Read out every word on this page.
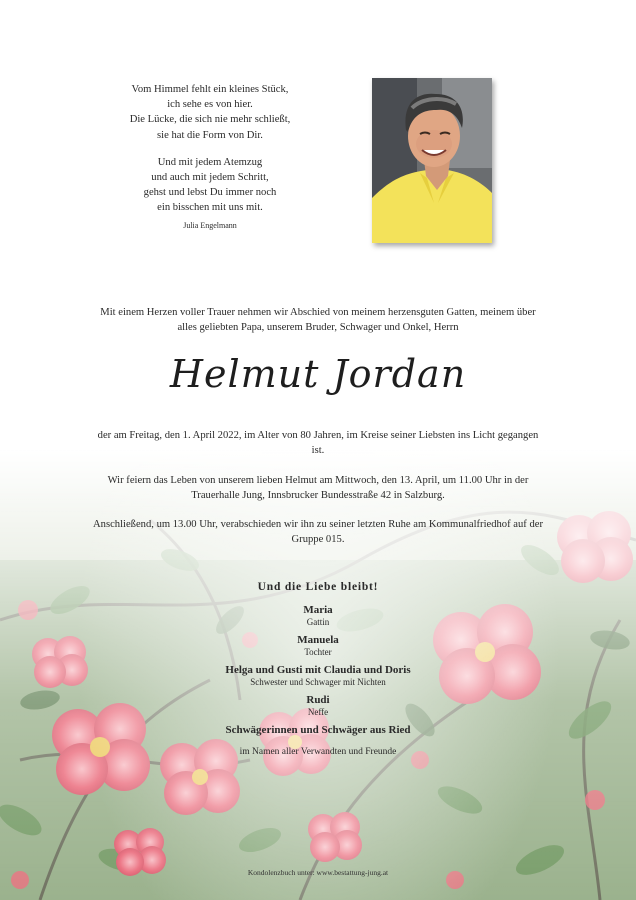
Vom Himmel fehlt ein kleines Stück,
ich sehe es von hier.
Die Lücke, die sich nie mehr schließt,
sie hat die Form von Dir.
Und mit jedem Atemzug
und auch mit jedem Schritt,
gehst und lebst Du immer noch
ein bisschen mit uns mit.
Julia Engelmann
Mit einem Herzen voller Trauer nehmen wir Abschied von meinem herzensguten Gatten, meinem über alles geliebten Papa, unserem Bruder, Schwager und Onkel, Herrn
Helmut Jordan
der am Freitag, den 1. April 2022, im Alter von 80 Jahren, im Kreise seiner Liebsten ins Licht gegangen ist.
Wir feiern das Leben von unserem lieben Helmut am Mittwoch, den 13. April, um 11.00 Uhr in der Trauerhalle Jung, Innsbrucker Bundesstraße 42 in Salzburg.
Anschließend, um 13.00 Uhr, verabschieden wir ihn zu seiner letzten Ruhe am Kommunalfriedhof auf der Gruppe 015.
Und die Liebe bleibt!
Maria
Gattin
Manuela
Tochter
Helga und Gusti mit Claudia und Doris
Schwester und Schwager mit Nichten
Rudi
Neffe
Schwägerinnen und Schwäger aus Ried
im Namen aller Verwandten und Freunde
Kondolenzbuch unter: www.bestattung-jung.at
